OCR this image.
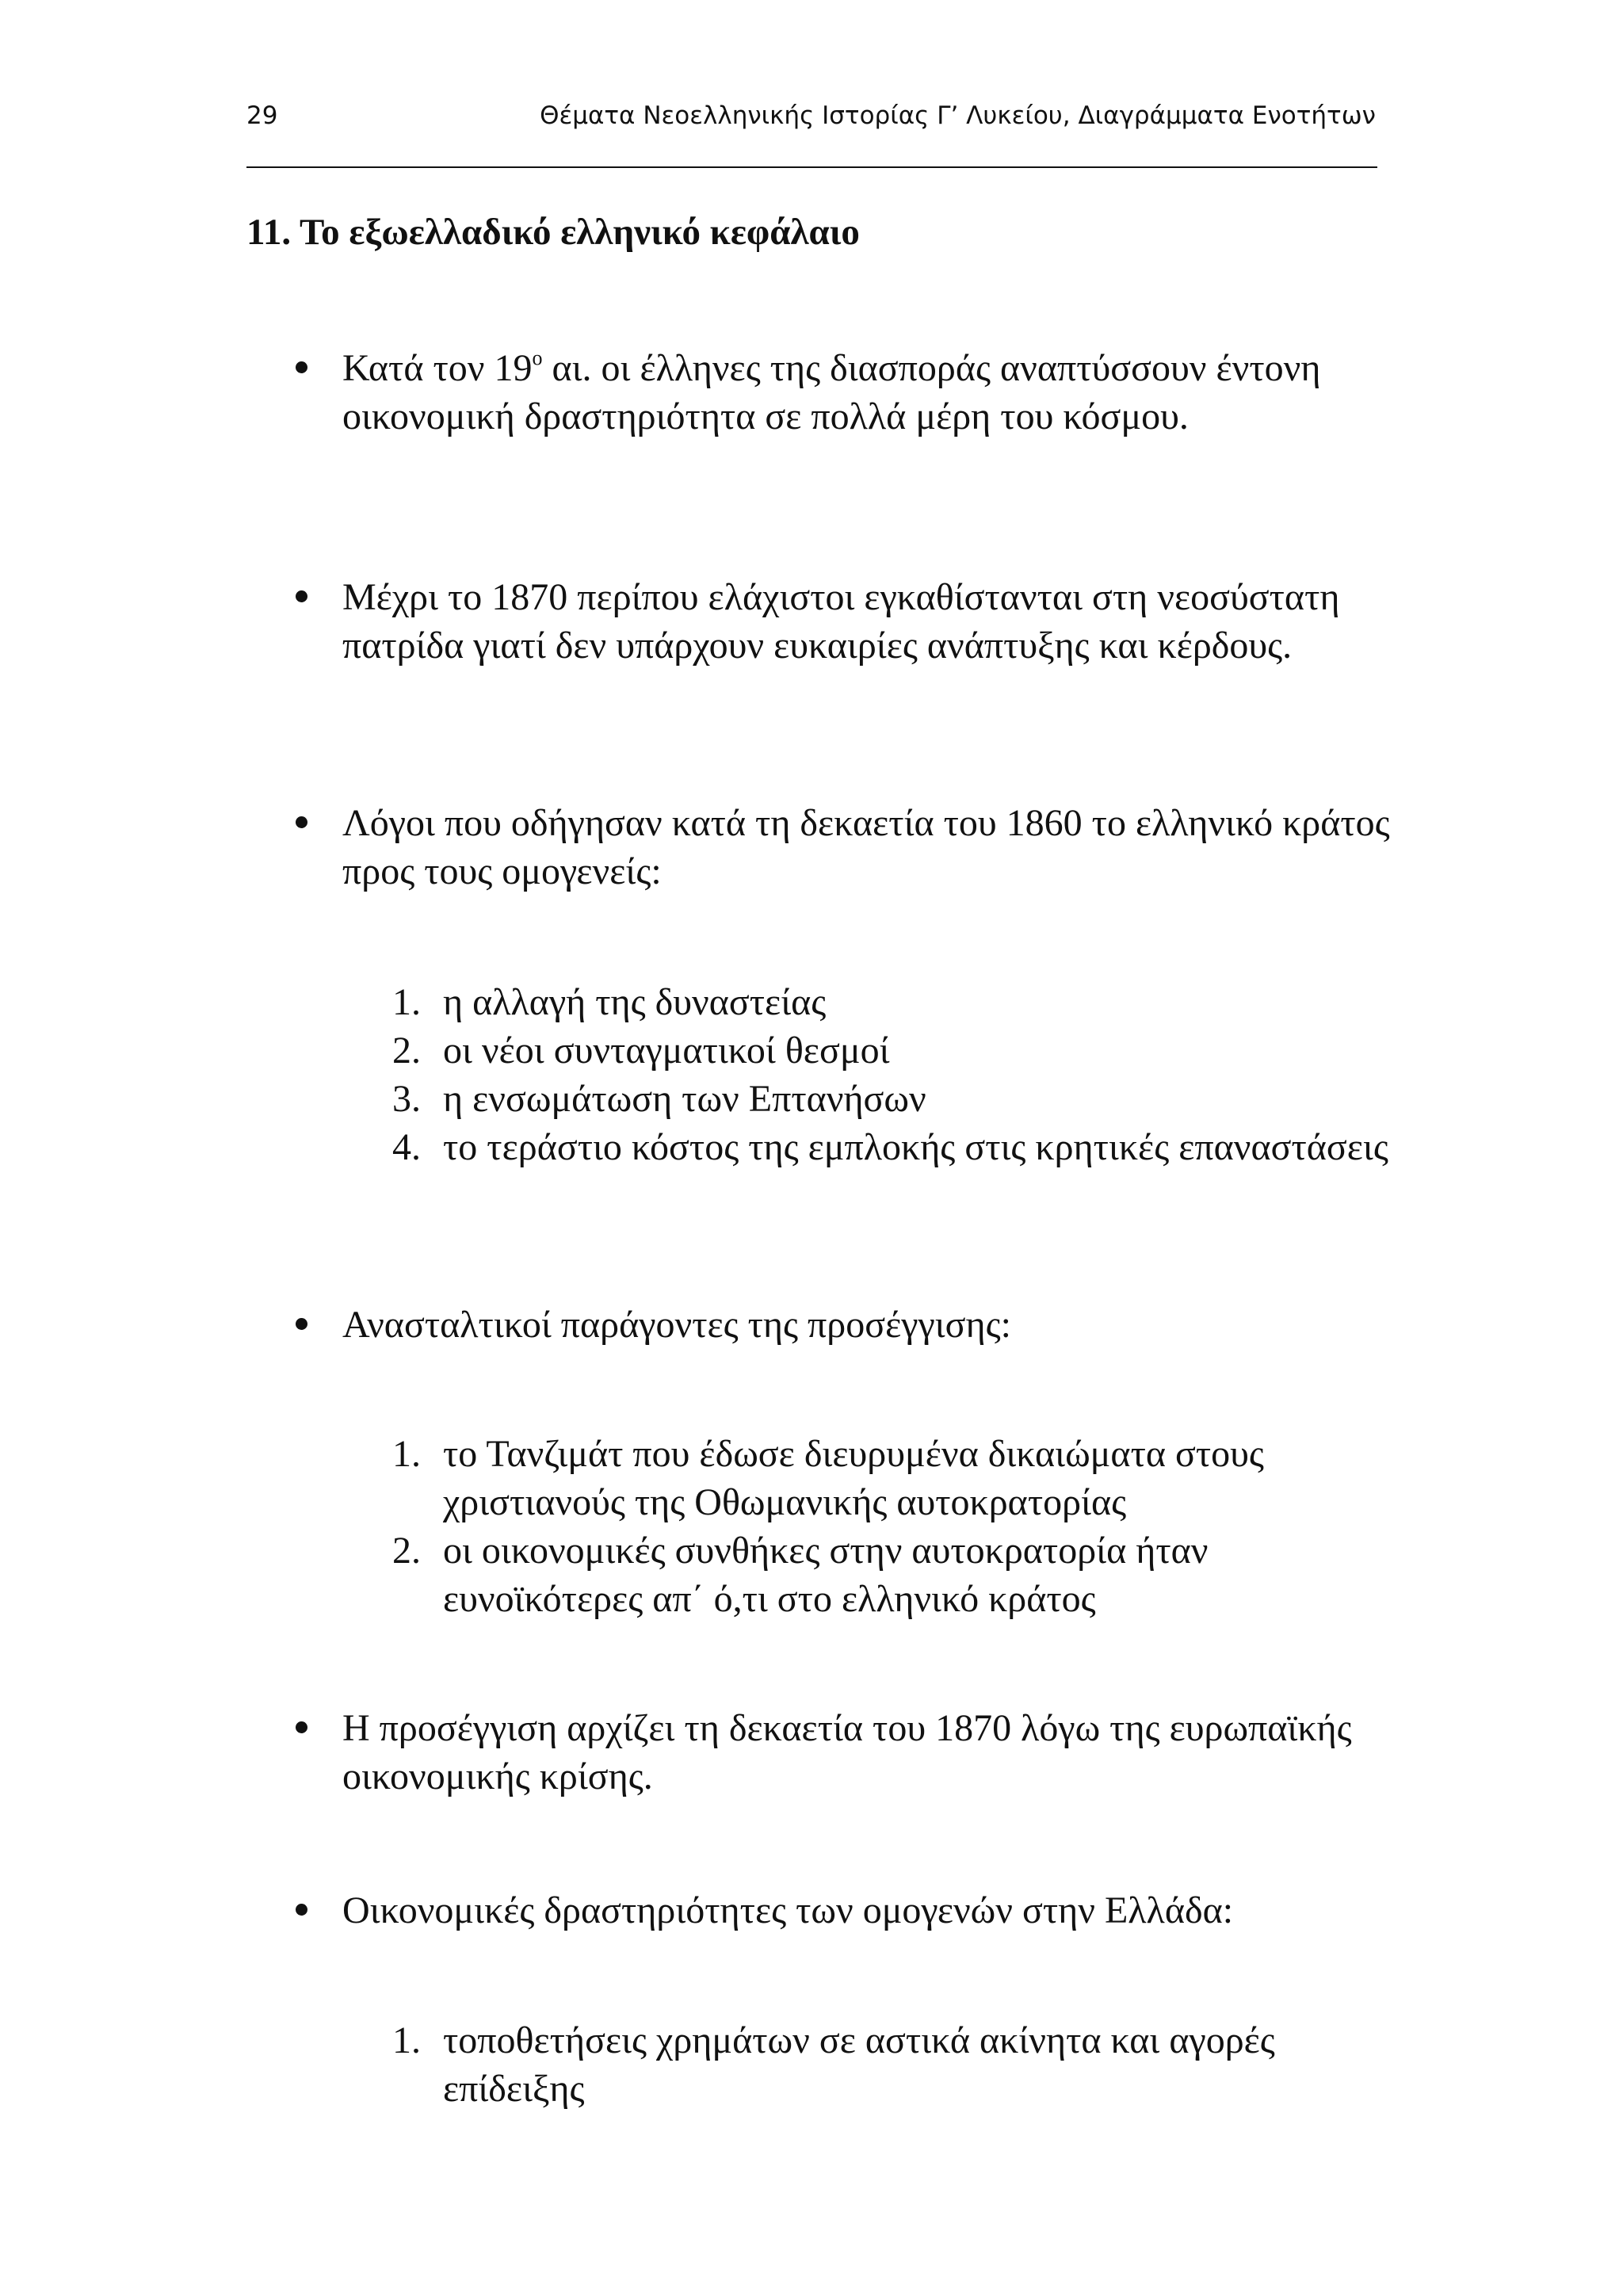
29	Θέματα Νεοελληνικής Ιστορίας Γ’ Λυκείου, Διαγράμματα Ενοτήτων
11. Το εξωελλαδικό ελληνικό κεφάλαιο
Κατά τον $19^o$ αι. οι έλληνες της διασποράς αναπτύσσουν έντονη οικονομική δραστηριότητα σε πολλά μέρη του κόσμου.
Μέχρι το 1870 περίπου ελάχιστοι εγκαθίστανται στη νεοσύστατη πατρίδα γιατί δεν υπάρχουν ευκαιρίες ανάπτυξης και κέρδους.
Λόγοι που οδήγησαν κατά τη δεκαετία του 1860 το ελληνικό κράτος προς τους ομογενείς:
1. η αλλαγή της δυναστείας
2. οι νέοι συνταγματικοί θεσμοί
3. η ενσωμάτωση των Επτανήσων
4. το τεράστιο κόστος της εμπλοκής στις κρητικές επαναστάσεις
Ανασταλτικοί παράγοντες της προσέγγισης:
1. το Τανζιμάτ που έδωσε διευρυμένα δικαιώματα στους χριστιανούς της Οθωμανικής αυτοκρατορίας
2. οι οικονομικές συνθήκες στην αυτοκρατορία ήταν ευνοϊκότερες απ΄ ό,τι στο ελληνικό κράτος
Η προσέγγιση αρχίζει τη δεκαετία του 1870 λόγω της ευρωπαϊκής οικονομικής κρίσης.
Οικονομικές δραστηριότητες των ομογενών στην Ελλάδα:
1. τοποθετήσεις χρημάτων σε αστικά ακίνητα και αγορές επίδειξης
